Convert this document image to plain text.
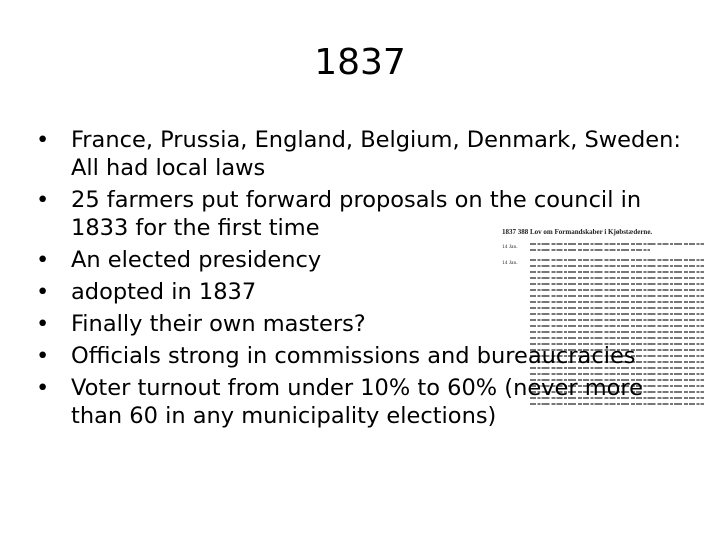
1837
1837 388 Lov om Formandskaber i Kjøbstæderne.
14 Jan.
14 Jan.
• France, Prussia, England, Belgium, Denmark, Sweden: All had local laws
• 25 farmers put forward proposals on the council in 1833 for the first time
• An elected presidency
• adopted in 1837
• Finally their own masters?
• Officials strong in commissions and bureaucracies
• Voter turnout from under 10% to 60% (never more than 60 in any municipality elections)
